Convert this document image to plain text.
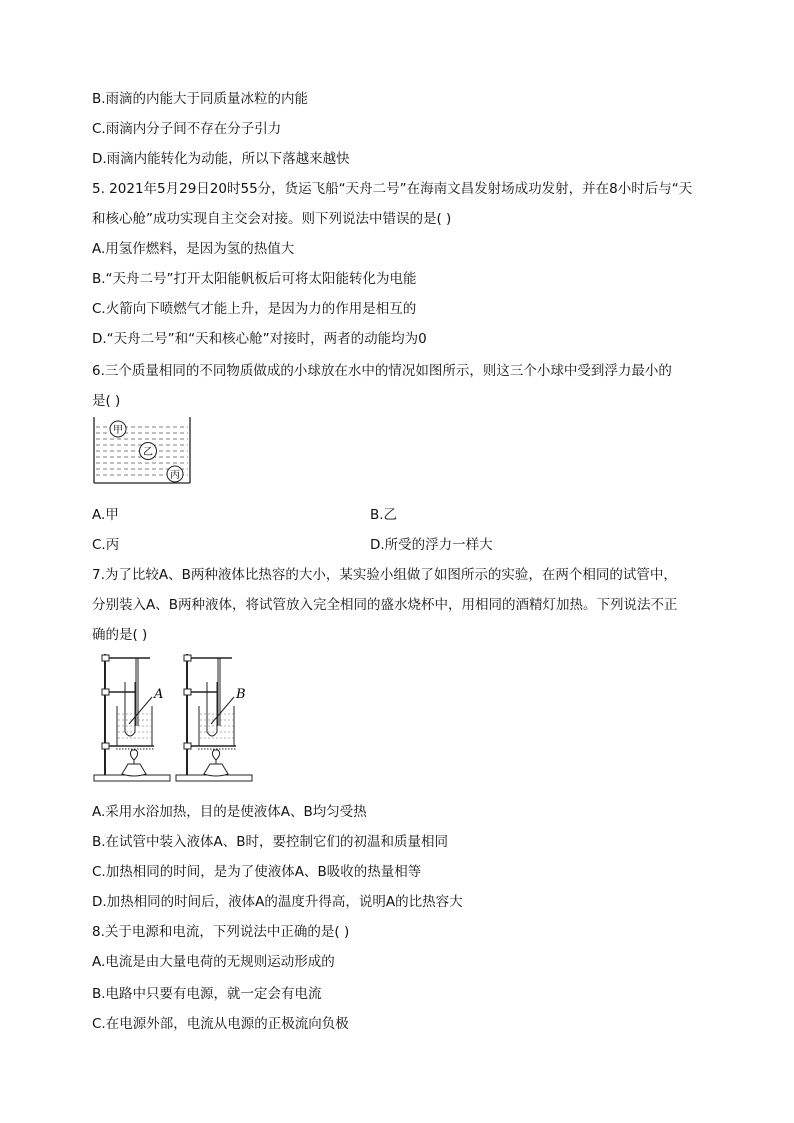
B.雨滴的内能大于同质量冰粒的内能
C.雨滴内分子间不存在分子引力
D.雨滴内能转化为动能，所以下落越来越快
5. 2021年5月29日20时55分，货运飞船“天舟二号”在海南文昌发射场成功发射，并在8小时后与“天
和核心舱”成功实现自主交会对接。则下列说法中错误的是( )
A.用氢作燃料，是因为氢的热值大
B.“天舟二号”打开太阳能帆板后可将太阳能转化为电能
C.火箭向下喷燃气才能上升，是因为力的作用是相互的
D.“天舟二号”和“天和核心舱”对接时，两者的动能均为0
6.三个质量相同的不同物质做成的小球放在水中的情况如图所示，则这三个小球中受到浮力最小的
是( )
甲
乙
丙
A.甲	B.乙
C.丙	D.所受的浮力一样大
7.为了比较A、B两种液体比热容的大小，某实验小组做了如图所示的实验，在两个相同的试管中，
分别装入A、B两种液体，将试管放入完全相同的盛水烧杯中，用相同的酒精灯加热。下列说法不正
确的是( )
A	B
A.采用水浴加热，目的是使液体A、B均匀受热
B.在试管中装入液体A、B时，要控制它们的初温和质量相同
C.加热相同的时间，是为了使液体A、B吸收的热量相等
D.加热相同的时间后，液体A的温度升得高，说明A的比热容大
8.关于电源和电流，下列说法中正确的是( )
A.电流是由大量电荷的无规则运动形成的
B.电路中只要有电源，就一定会有电流
C.在电源外部，电流从电源的正极流向负极
